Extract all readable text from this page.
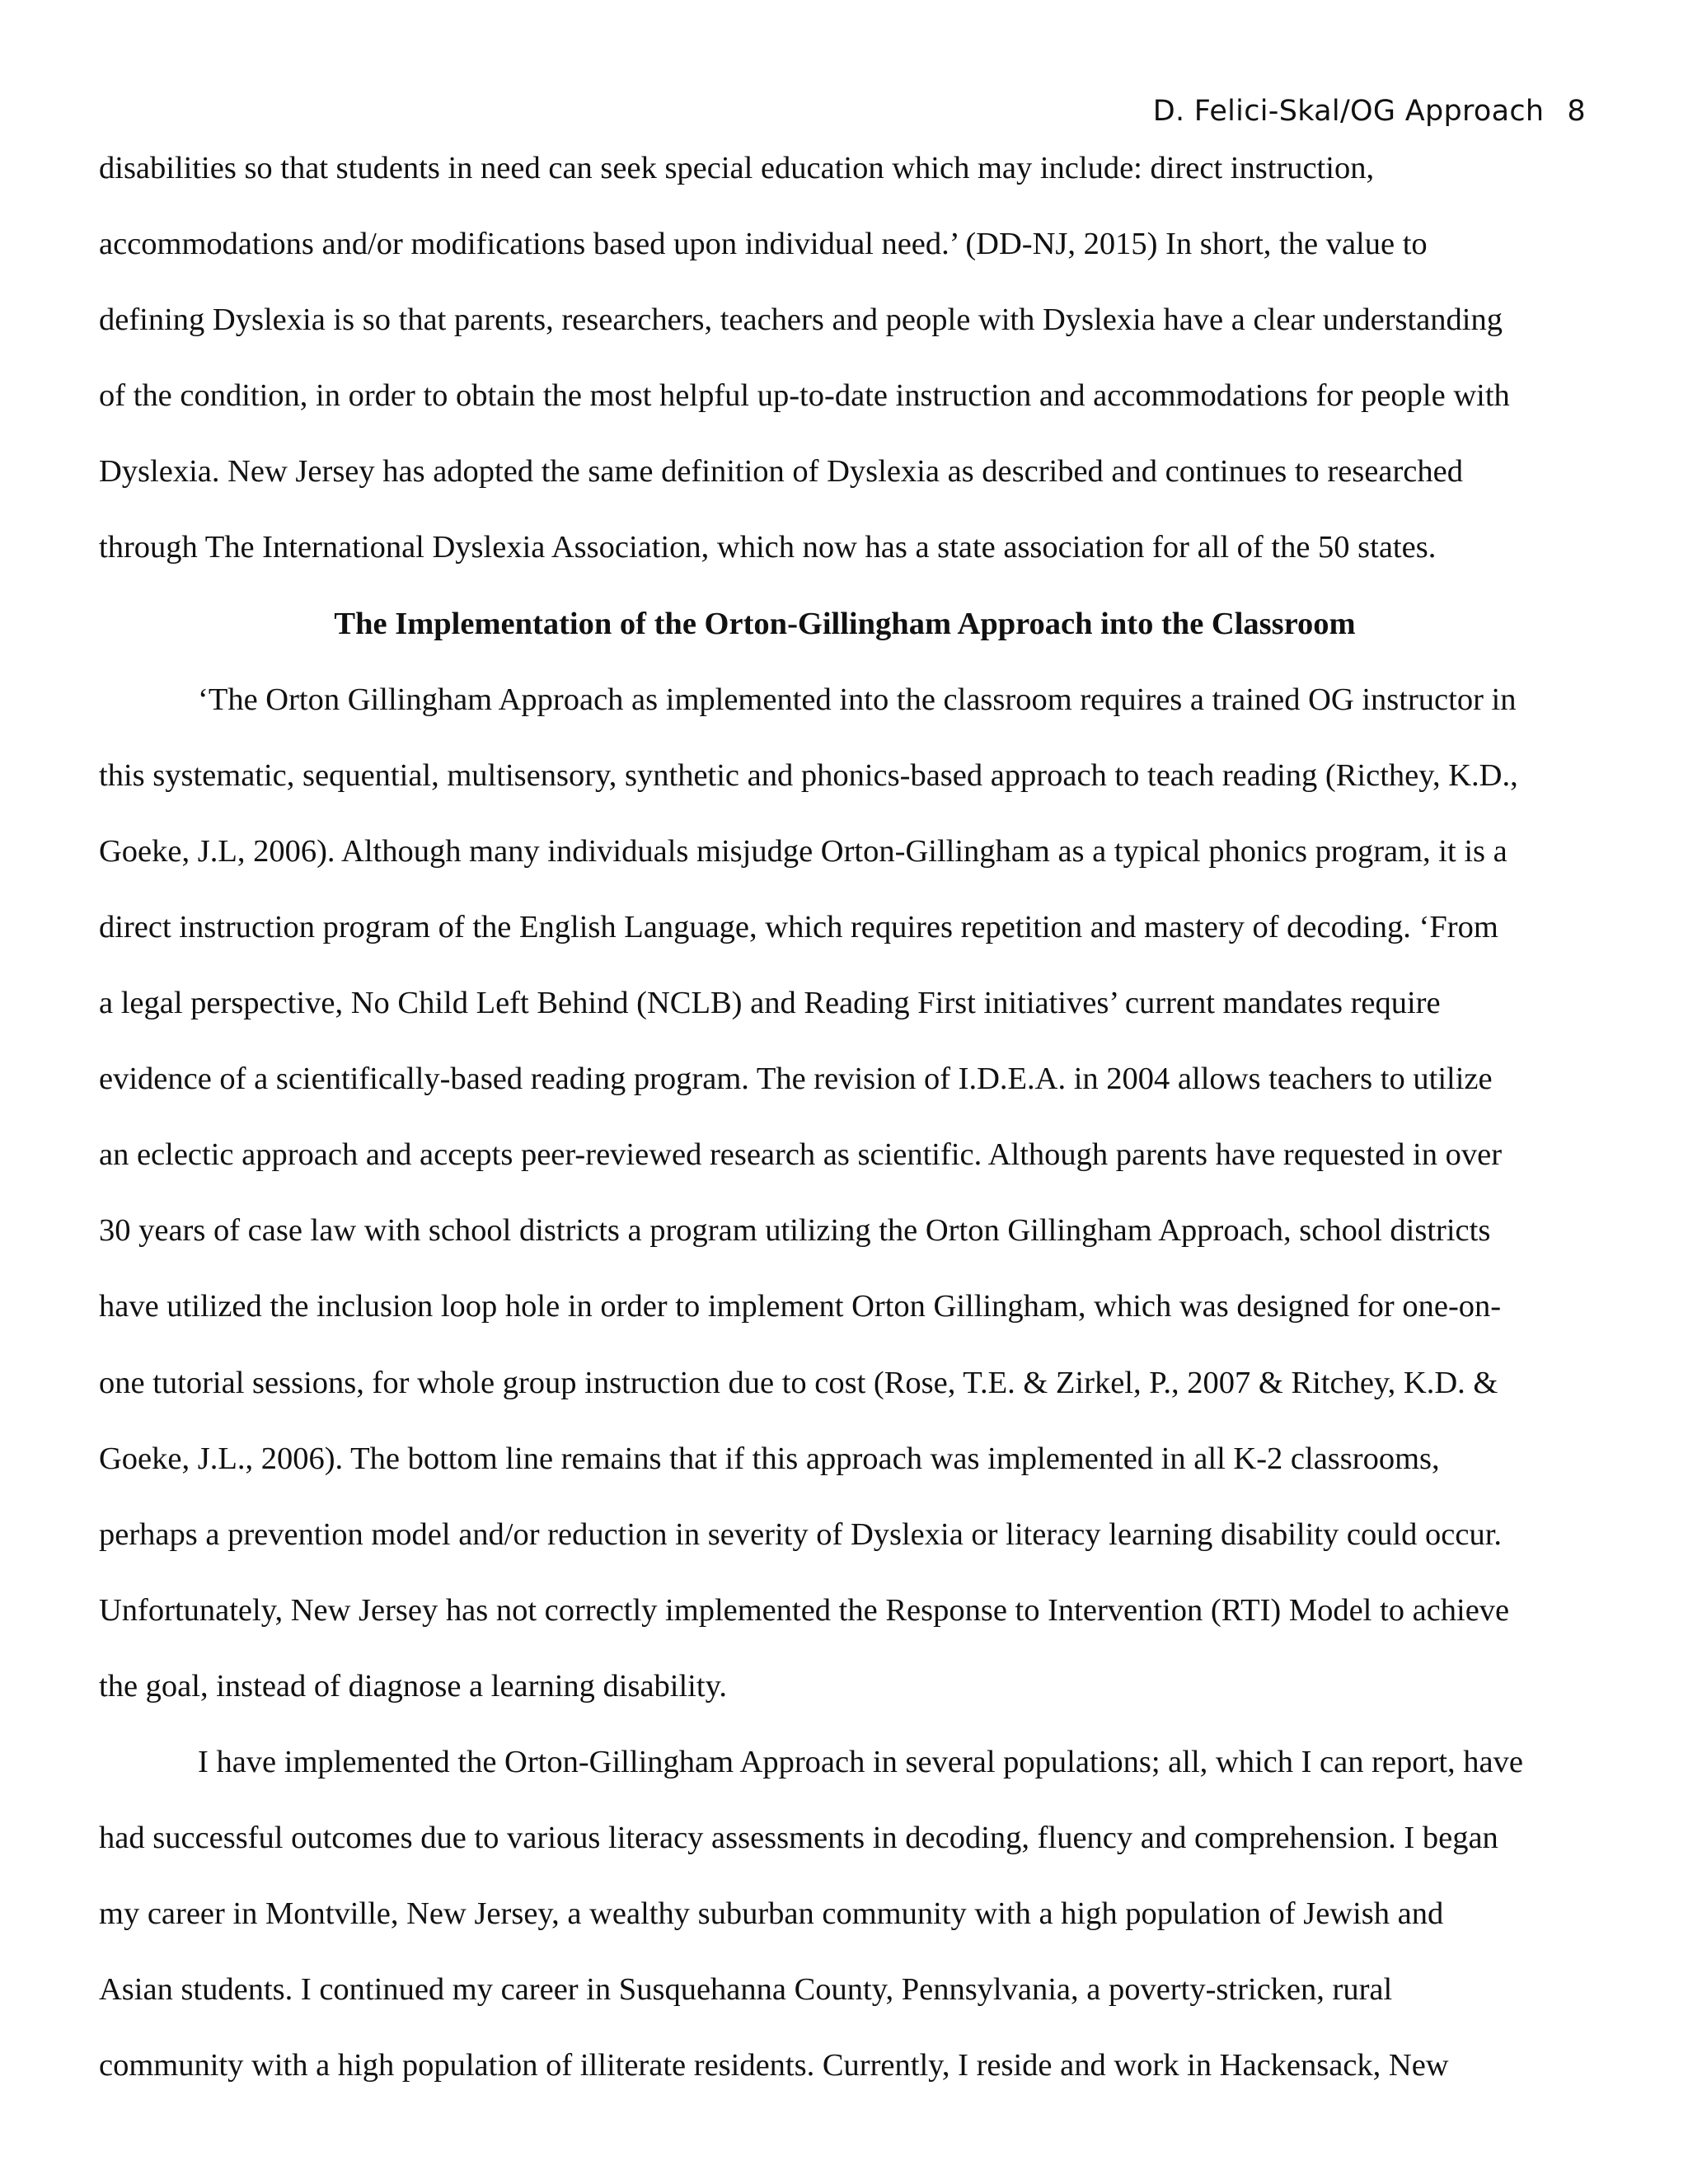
D. Felici-Skal/OG Approach 8

disabilities so that students in need can seek special education which may include: direct instruction,

accommodations and/or modifications based upon individual need.’ (DD-NJ, 2015) In short, the value to

defining Dyslexia is so that parents, researchers, teachers and people with Dyslexia have a clear understanding

of the condition, in order to obtain the most helpful up-to-date instruction and accommodations for people with

Dyslexia. New Jersey has adopted the same definition of Dyslexia as described and continues to researched

through The International Dyslexia Association, which now has a state association for all of the 50 states.

The Implementation of the Orton-Gillingham Approach into the Classroom

‘The Orton Gillingham Approach as implemented into the classroom requires a trained OG instructor in

this systematic, sequential, multisensory, synthetic and phonics-based approach to teach reading (Ricthey, K.D.,

Goeke, J.L, 2006). Although many individuals misjudge Orton-Gillingham as a typical phonics program, it is a

direct instruction program of the English Language, which requires repetition and mastery of decoding. ‘From

a legal perspective, No Child Left Behind (NCLB) and Reading First initiatives’ current mandates require

evidence of a scientifically-based reading program. The revision of I.D.E.A. in 2004 allows teachers to utilize

an eclectic approach and accepts peer-reviewed research as scientific. Although parents have requested in over

30 years of case law with school districts a program utilizing the Orton Gillingham Approach, school districts

have utilized the inclusion loop hole in order to implement Orton Gillingham, which was designed for one-on-

one tutorial sessions, for whole group instruction due to cost (Rose, T.E. & Zirkel, P., 2007 & Ritchey, K.D. &

Goeke, J.L., 2006). The bottom line remains that if this approach was implemented in all K-2 classrooms,

perhaps a prevention model and/or reduction in severity of Dyslexia or literacy learning disability could occur.

Unfortunately, New Jersey has not correctly implemented the Response to Intervention (RTI) Model to achieve

the goal, instead of diagnose a learning disability.

I have implemented the Orton-Gillingham Approach in several populations; all, which I can report, have

had successful outcomes due to various literacy assessments in decoding, fluency and comprehension. I began

my career in Montville, New Jersey, a wealthy suburban community with a high population of Jewish and

Asian students. I continued my career in Susquehanna County, Pennsylvania, a poverty-stricken, rural

community with a high population of illiterate residents. Currently, I reside and work in Hackensack, New
